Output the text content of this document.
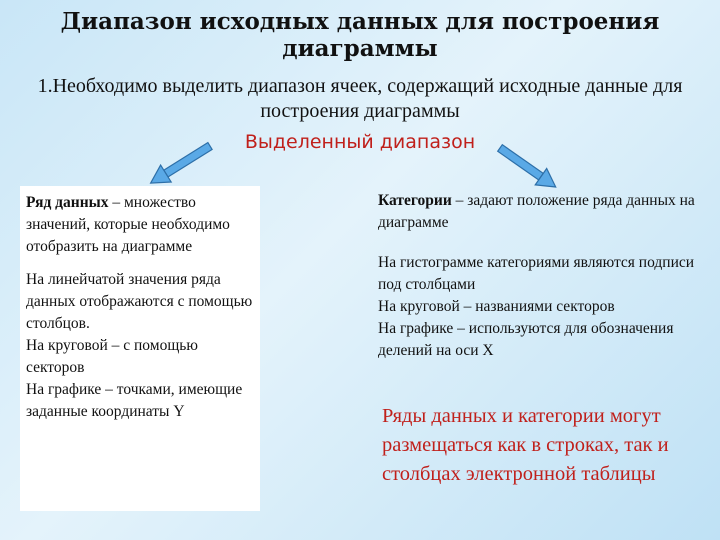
Диапазон исходных данных для построения диаграммы
1.Необходимо выделить диапазон ячеек, содержащий исходные данные для построения диаграммы
Выделенный диапазон

Ряд данных – множество значений, которые необходимо отобразить на диаграмме

На линейчатой значения ряда данных отображаются с помощью столбцов.
На круговой – с помощью секторов
На графике – точками, имеющие заданные координаты Y

Категории – задают положение ряда данных на диаграмме

На гистограмме категориями являются подписи под столбцами
На круговой – названиями секторов
На графике – используются для обозначения делений на оси X

Ряды данных и категории могут размещаться как в строках, так и столбцах электронной таблицы
